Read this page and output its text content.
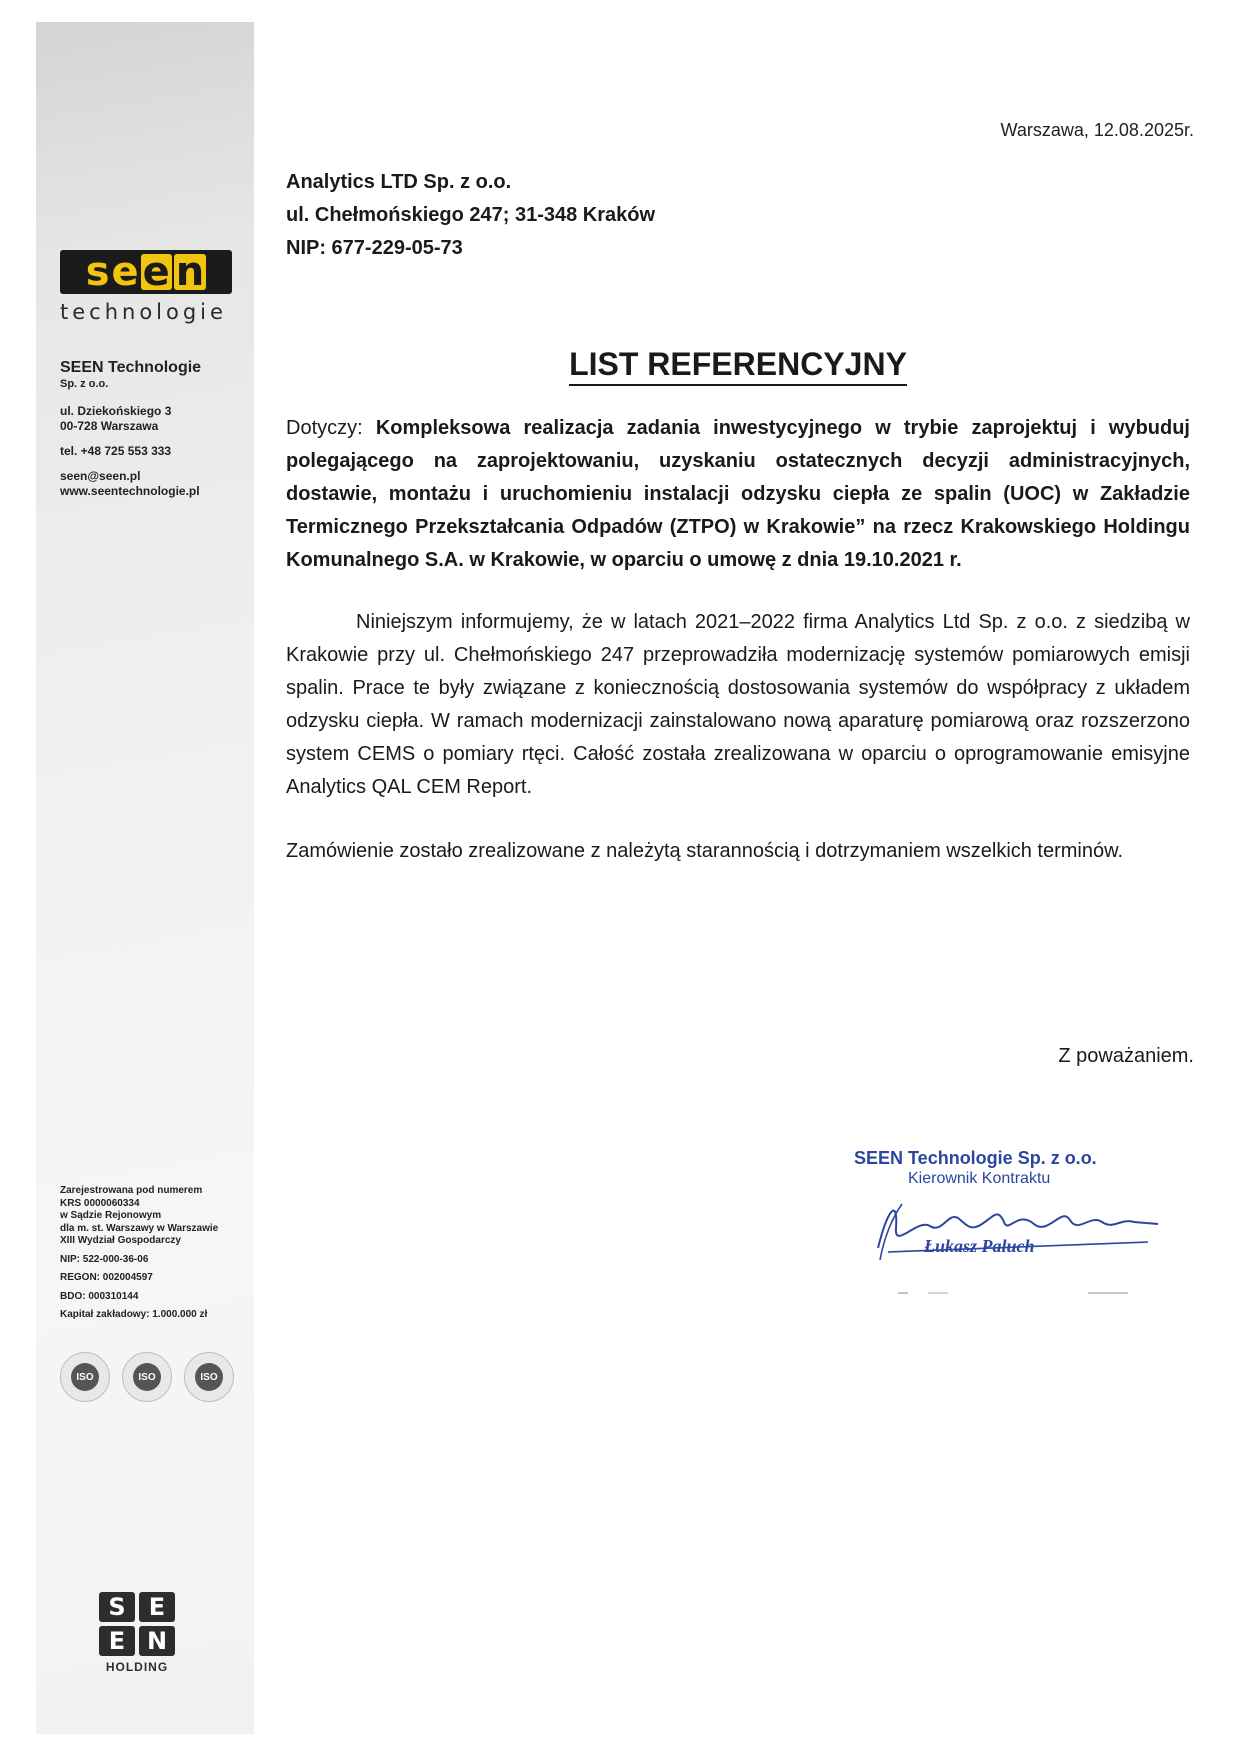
s e e n
technologie
SEEN Technologie
Sp. z o.o.
ul. Dziekońskiego 3
00-728 Warszawa
tel. +48 725 553 333
seen@seen.pl
www.seentechnologie.pl
Zarejestrowana pod numerem
KRS 0000060334
w Sądzie Rejonowym
dla m. st. Warszawy w Warszawie
XIII Wydział Gospodarczy
NIP: 522-000-36-06
REGON: 002004597
BDO: 000310144
Kapitał zakładowy: 1.000.000 zł
ISO	ISO	ISO
S E
E N
HOLDING
Warszawa, 12.08.2025r.
Analytics LTD Sp. z o.o.
ul. Chełmońskiego 247; 31-348 Kraków
NIP: 677-229-05-73
LIST REFERENCYJNY
Dotyczy: Kompleksowa realizacja zadania inwestycyjnego w trybie zaprojektuj i wybuduj polegającego na zaprojektowaniu, uzyskaniu ostatecznych decyzji administracyjnych, dostawie, montażu i uruchomieniu instalacji odzysku ciepła ze spalin (UOC) w Zakładzie Termicznego Przekształcania Odpadów (ZTPO) w Krakowie” na rzecz Krakowskiego Holdingu Komunalnego S.A. w Krakowie, w oparciu o umowę z dnia 19.10.2021 r.
Niniejszym informujemy, że w latach 2021–2022 firma Analytics Ltd Sp. z o.o. z siedzibą w Krakowie przy ul. Chełmońskiego 247 przeprowadziła modernizację systemów pomiarowych emisji spalin. Prace te były związane z koniecznością dostosowania systemów do współpracy z układem odzysku ciepła. W ramach modernizacji zainstalowano nową aparaturę pomiarową oraz rozszerzono system CEMS o pomiary rtęci. Całość została zrealizowana w oparciu o oprogramowanie emisyjne Analytics QAL CEM Report.
Zamówienie zostało zrealizowane z należytą starannością i dotrzymaniem wszelkich terminów.
Z poważaniem.
SEEN Technologie Sp. z o.o.
Kierownik Kontraktu
Łukasz Paluch
